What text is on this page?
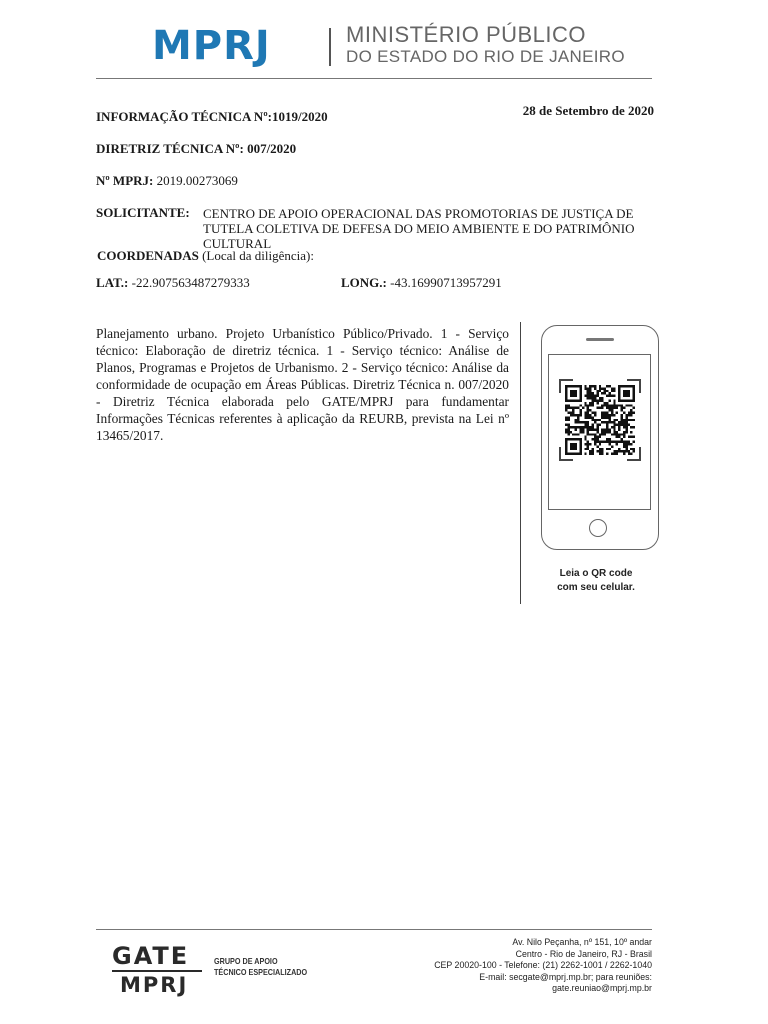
MPRJ	MINISTÉRIO PÚBLICO
DO ESTADO DO RIO DE JANEIRO
INFORMAÇÃO TÉCNICA Nº:1019/2020	28 de Setembro de 2020
DIRETRIZ TÉCNICA Nº: 007/2020
Nº MPRJ: 2019.00273069
SOLICITANTE: CENTRO DE APOIO OPERACIONAL DAS PROMOTORIAS DE JUSTIÇA DE TUTELA COLETIVA DE DEFESA DO MEIO AMBIENTE E DO PATRIMÔNIO CULTURAL
COORDENADAS (Local da diligência):
LAT.: -22.907563487279333	LONG.: -43.16990713957291
Planejamento urbano. Projeto Urbanístico Público/Privado. 1 - Serviço técnico: Elaboração de diretriz técnica. 1 - Serviço técnico: Análise de Planos, Programas e Projetos de Urbanismo. 2 - Serviço técnico: Análise da conformidade de ocupação em Áreas Públicas. Diretriz Técnica n. 007/2020 - Diretriz Técnica elaborada pelo GATE/MPRJ para fundamentar Informações Técnicas referentes à aplicação da REURB, prevista na Lei nº 13465/2017.
Leia o QR code
com seu celular.
GATE
MPRJ
GRUPO DE APOIO
TÉCNICO ESPECIALIZADO
Av. Nilo Peçanha, nº 151, 10º andar
Centro - Rio de Janeiro, RJ - Brasil
CEP 20020-100 - Telefone: (21) 2262-1001 / 2262-1040
E-mail: secgate@mprj.mp.br; para reuniões:
gate.reuniao@mprj.mp.br
